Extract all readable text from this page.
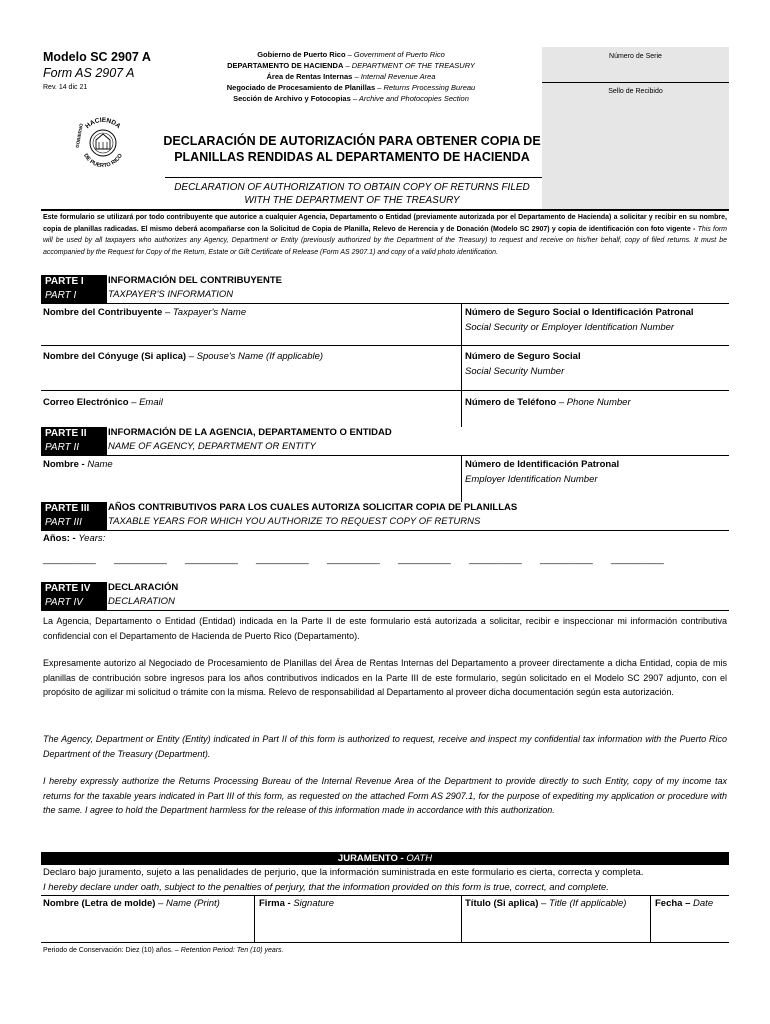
Modelo SC 2907 A
Form AS 2907 A
Rev. 14 dic 21
Gobierno de Puerto Rico – Government of Puerto Rico
DEPARTAMENTO DE HACIENDA – DEPARTMENT OF THE TREASURY
Área de Rentas Internas – Internal Revenue Area
Negociado de Procesamiento de Planillas – Returns Processing Bureau
Sección de Archivo y Fotocopias – Archive and Photocopies Section
Número de Serie
Sello de Recibido
HACIENDA
DE PUERTO RICO
GOBIERNO	DECLARACIÓN DE AUTORIZACIÓN PARA OBTENER COPIA DE
PLANILLAS RENDIDAS AL DEPARTAMENTO DE HACIENDA
DECLARATION OF AUTHORIZATION TO OBTAIN COPY OF RETURNS FILED
WITH THE DEPARTMENT OF THE TREASURY
Este formulario se utilizará por todo contribuyente que autorice a cualquier Agencia, Departamento o Entidad (previamente autorizada por el Departamento de Hacienda) a solicitar y recibir en su nombre, copia de planillas radicadas. El mismo deberá acompañarse con la Solicitud de Copia de Planilla, Relevo de Herencia y de Donación (Modelo SC 2907) y copia de identificación con foto vigente - This form will be used by all taxpayers who authorizes any Agency, Department or Entity (previously authorized by the Department of the Treasury) to request and receive on his/her behalf, copy of filed returns. It must be accompanied by the Request for Copy of the Return, Estate or Gift Certificate of Release (Form AS 2907.1) and copy of a valid photo identification.
PARTE I
PART I
INFORMACIÓN DEL CONTRIBUYENTE
TAXPAYER'S INFORMATION
Nombre del Contribuyente – Taxpayer's Name	Número de Seguro Social o Identificación Patronal
Social Security or Employer Identification Number
Nombre del Cónyuge (Si aplica) – Spouse's Name (If applicable)	Número de Seguro Social
Social Security Number
Correo Electrónico – Email	Número de Teléfono – Phone Number
PARTE II
PART II
INFORMACIÓN DE LA AGENCIA, DEPARTAMENTO O ENTIDAD
NAME OF AGENCY, DEPARTMENT OR ENTITY
Nombre - Name	Número de Identificación Patronal
Employer Identification Number
PARTE III
PART III
AÑOS CONTRIBUTIVOS PARA LOS CUALES AUTORIZA SOLICITAR COPIA DE PLANILLAS
TAXABLE YEARS FOR WHICH YOU AUTHORIZE TO REQUEST COPY OF RETURNS
Años: - Years:
__________ __________ __________ __________ __________ __________ __________ __________ __________
PARTE IV
PART IV
DECLARACIÓN
DECLARATION
La Agencia, Departamento o Entidad (Entidad) indicada en la Parte II de este formulario está autorizada a solicitar, recibir e inspeccionar mi información contributiva confidencial con el Departamento de Hacienda de Puerto Rico (Departamento).
Expresamente autorizo al Negociado de Procesamiento de Planillas del Área de Rentas Internas del Departamento a proveer directamente a dicha Entidad, copia de mis planillas de contribución sobre ingresos para los años contributivos indicados en la Parte III de este formulario, según solicitado en el Modelo SC 2907 adjunto, con el propósito de agilizar mi solicitud o trámite con la misma. Relevo de responsabilidad al Departamento al proveer dicha documentación según esta autorización.
The Agency, Department or Entity (Entity) indicated in Part II of this form is authorized to request, receive and inspect my confidential tax information with the Puerto Rico Department of the Treasury (Department).
I hereby expressly authorize the Returns Processing Bureau of the Internal Revenue Area of the Department to provide directly to such Entity, copy of my income tax returns for the taxable years indicated in Part III of this form, as requested on the attached Form AS 2907.1, for the purpose of expediting my application or procedure with the same. I agree to hold the Department harmless for the release of this information made in accordance with this authorization.
JURAMENTO - OATH
Declaro bajo juramento, sujeto a las penalidades de perjurio, que la información suministrada en este formulario es cierta, correcta y completa.
I hereby declare under oath, subject to the penalties of perjury, that the information provided on this form is true, correct, and complete.
Nombre (Letra de molde) – Name (Print)	Firma - Signature	Título (Si aplica) – Title (If applicable)	Fecha – Date
Periodo de Conservación: Diez (10) años. – Retention Period: Ten (10) years.
